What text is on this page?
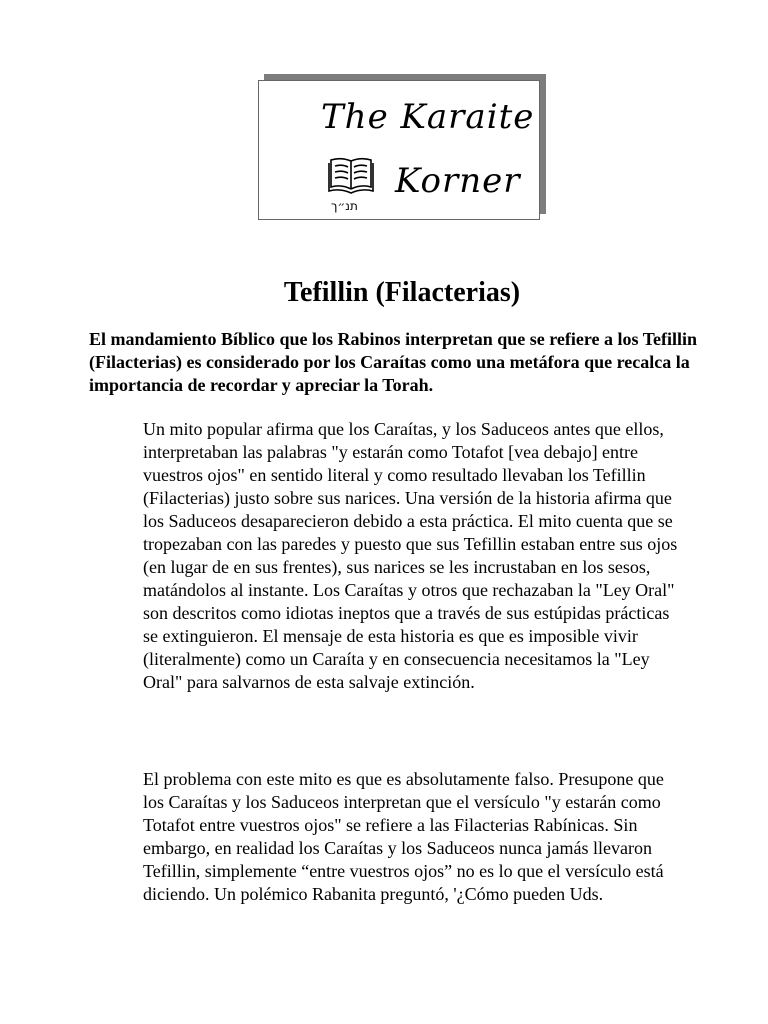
The Karaite
Korner
תנ״ך
Tefillin (Filacterias)

El mandamiento Bíblico que los Rabinos interpretan que se refiere a los Tefillin (Filacterias) es considerado por los Caraítas como una metáfora que recalca la importancia de recordar y apreciar la Torah.

Un mito popular afirma que los Caraítas, y los Saduceos antes que ellos, interpretaban las palabras "y estarán como Totafot [vea debajo] entre vuestros ojos" en sentido literal y como resultado llevaban los Tefillin (Filacterias) justo sobre sus narices. Una versión de la historia afirma que los Saduceos desaparecieron debido a esta práctica. El mito cuenta que se tropezaban con las paredes y puesto que sus Tefillin estaban entre sus ojos (en lugar de en sus frentes), sus narices se les incrustaban en los sesos, matándolos al instante. Los Caraítas y otros que rechazaban la "Ley Oral" son descritos como idiotas ineptos que a través de sus estúpidas prácticas se extinguieron. El mensaje de esta historia es que es imposible vivir (literalmente) como un Caraíta y en consecuencia necesitamos la "Ley Oral" para salvarnos de esta salvaje extinción.

El problema con este mito es que es absolutamente falso. Presupone que los Caraítas y los Saduceos interpretan que el versículo "y estarán como Totafot entre vuestros ojos" se refiere a las Filacterias Rabínicas. Sin embargo, en realidad los Caraítas y los Saduceos nunca jamás llevaron Tefillin, simplemente “entre vuestros ojos” no es lo que el versículo está diciendo. Un polémico Rabanita preguntó, '¿Cómo pueden Uds.
